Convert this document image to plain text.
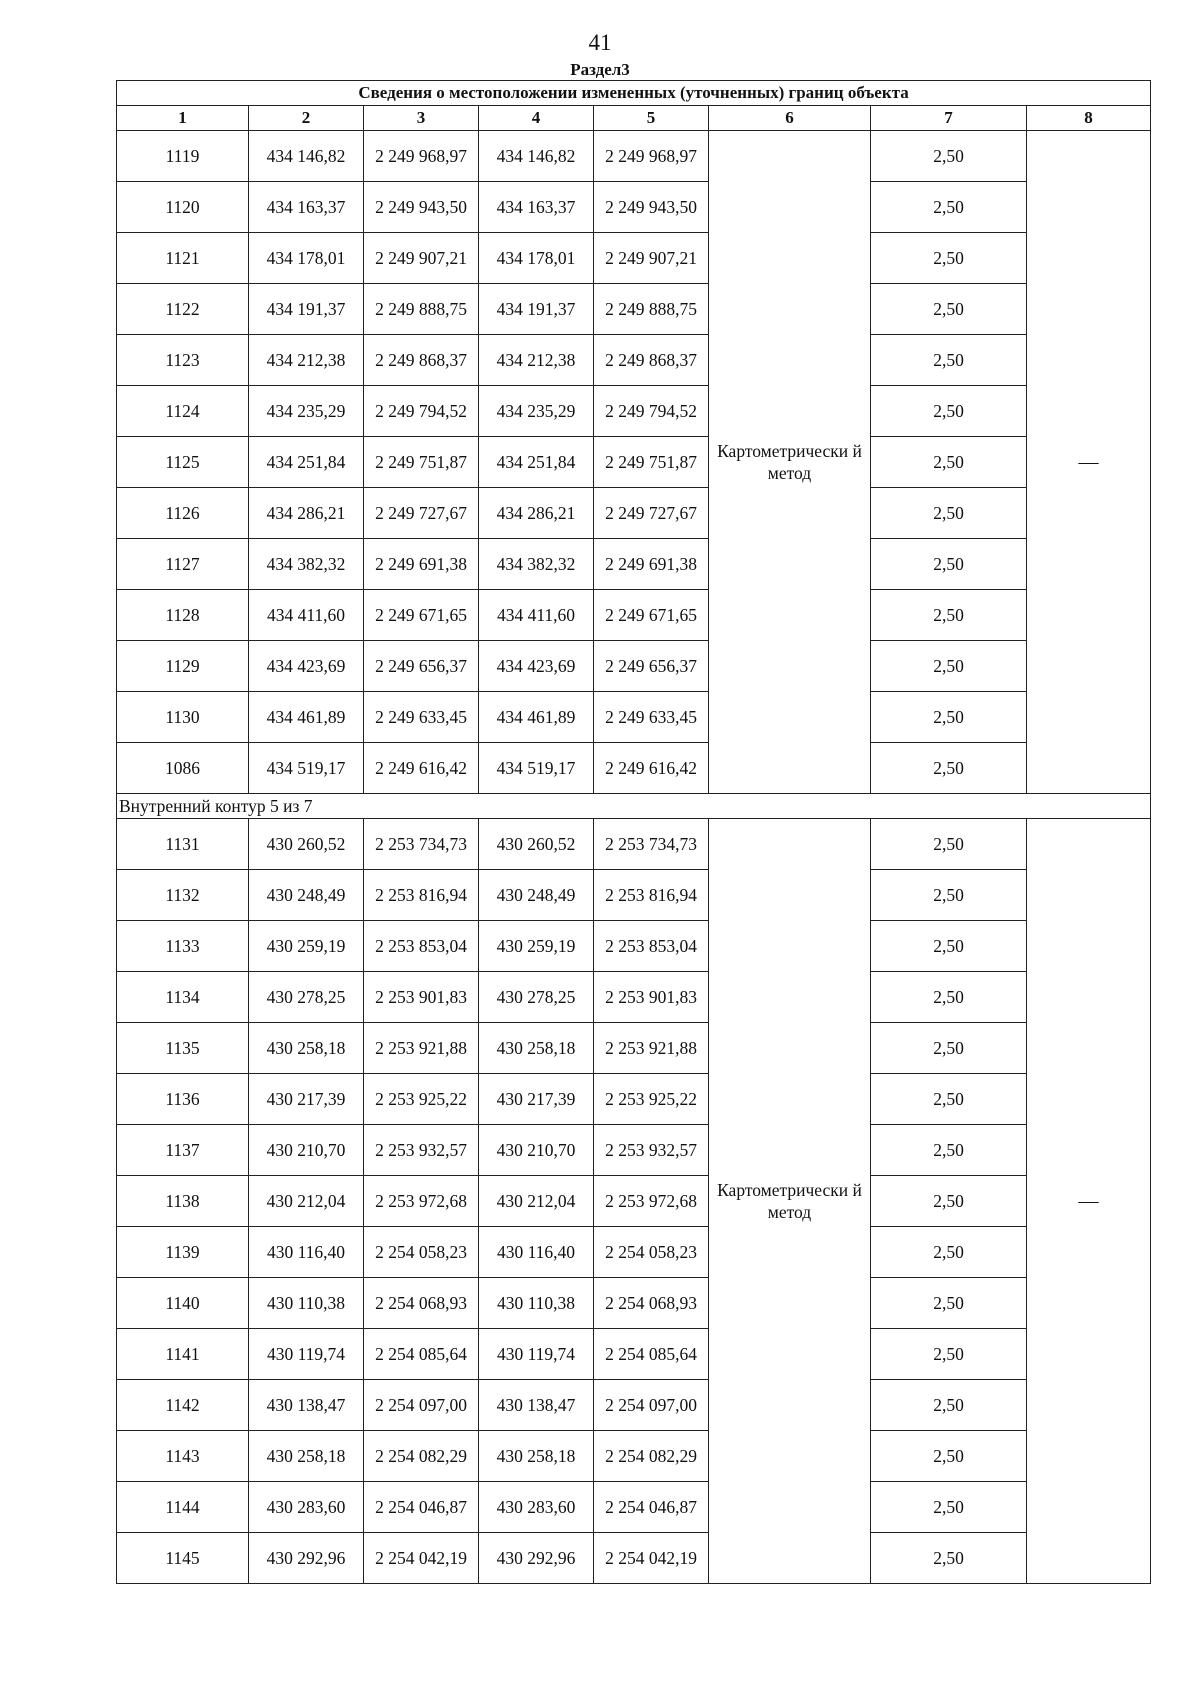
41
Раздел3
Сведения о местоположении измененных (уточненных) границ объекта							
1	2	3	4	5	6	7	8
1119	434 146,82	2 249 968,97	434 146,82	2 249 968,97	Картометрически й метод	2,50	—
1120	434 163,37	2 249 943,50	434 163,37	2 249 943,50		2,50	
1121	434 178,01	2 249 907,21	434 178,01	2 249 907,21		2,50	
1122	434 191,37	2 249 888,75	434 191,37	2 249 888,75		2,50	
1123	434 212,38	2 249 868,37	434 212,38	2 249 868,37		2,50	
1124	434 235,29	2 249 794,52	434 235,29	2 249 794,52		2,50	
1125	434 251,84	2 249 751,87	434 251,84	2 249 751,87		2,50	
1126	434 286,21	2 249 727,67	434 286,21	2 249 727,67		2,50	
1127	434 382,32	2 249 691,38	434 382,32	2 249 691,38		2,50	
1128	434 411,60	2 249 671,65	434 411,60	2 249 671,65		2,50	
1129	434 423,69	2 249 656,37	434 423,69	2 249 656,37		2,50	
1130	434 461,89	2 249 633,45	434 461,89	2 249 633,45		2,50	
1086	434 519,17	2 249 616,42	434 519,17	2 249 616,42		2,50	
Внутренний контур 5 из 7							
1131	430 260,52	2 253 734,73	430 260,52	2 253 734,73	Картометрически й метод	2,50	—
1132	430 248,49	2 253 816,94	430 248,49	2 253 816,94		2,50	
1133	430 259,19	2 253 853,04	430 259,19	2 253 853,04		2,50	
1134	430 278,25	2 253 901,83	430 278,25	2 253 901,83		2,50	
1135	430 258,18	2 253 921,88	430 258,18	2 253 921,88		2,50	
1136	430 217,39	2 253 925,22	430 217,39	2 253 925,22		2,50	
1137	430 210,70	2 253 932,57	430 210,70	2 253 932,57		2,50	
1138	430 212,04	2 253 972,68	430 212,04	2 253 972,68		2,50	
1139	430 116,40	2 254 058,23	430 116,40	2 254 058,23		2,50	
1140	430 110,38	2 254 068,93	430 110,38	2 254 068,93		2,50	
1141	430 119,74	2 254 085,64	430 119,74	2 254 085,64		2,50	
1142	430 138,47	2 254 097,00	430 138,47	2 254 097,00		2,50	
1143	430 258,18	2 254 082,29	430 258,18	2 254 082,29		2,50	
1144	430 283,60	2 254 046,87	430 283,60	2 254 046,87		2,50	
1145	430 292,96	2 254 042,19	430 292,96	2 254 042,19		2,50	
